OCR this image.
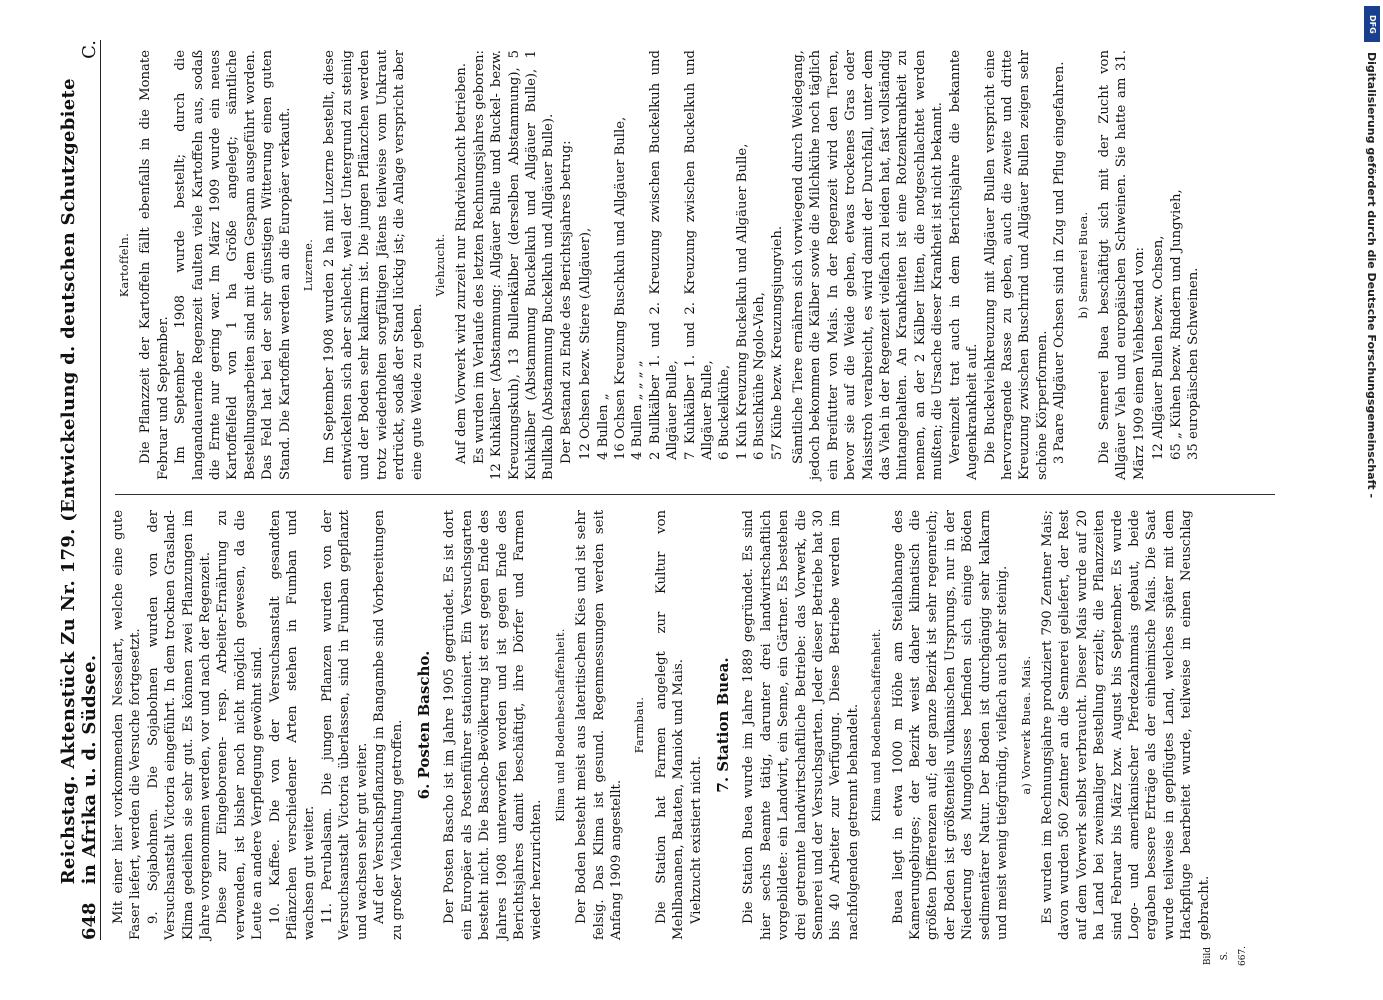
648
Reichstag. Aktenstück Zu Nr. 179. (Entwickelung d. deutschen Schutzgebiete in Afrika u. d. Südsee.
C.

Mit einer hier vorkommenden Nesselart, welche eine gute Faser liefert, werden die Versuche fortgesetzt. 9. Sojabohnen. Die Sojabohnen wurden von der Versuchsanstalt Victoria eingeführt. In dem trocknen Grasland-Klima gedeihen sie sehr gut. Es können zwei Pflanzungen im Jahre vorgenommen werden, vor und nach der Regenzeit. Diese zur Eingeborenen- resp. Arbeiter-Ernährung zu verwenden, ist bisher noch nicht möglich gewesen, da die Leute an andere Verpflegung gewöhnt sind. 10. Kaffee. Die von der Versuchsanstalt gesandten Pflänzchen verschiedener Arten stehen in Fumban und wachsen gut weiter. 11. Perubalsam. Die jungen Pflanzen wurden von der Versuchsanstalt Victoria überlassen, sind in Fumban gepflanzt und wachsen sehr gut weiter. Auf der Versuchspflanzung in Bangambe sind Vorbereitungen zu großer Viehhaltung getroffen. 6. Posten Bascho. Der Posten Bascho ist im Jahre 1905 gegründet. Es ist dort ein Europäer als Postenführer stationiert. Ein Versuchsgarten besteht nicht. Die Bascho-Bevölkerung ist erst gegen Ende des Jahres 1908 unterworfen worden und ist gegen Ende des Berichtsjahres damit beschäftigt, ihre Dörfer und Farmen wieder herzurichten.

Klima und Bodenbeschaffenheit. Der Boden besteht meist aus lateritischem Kies und ist sehr felsig. Das Klima ist gesund. Regenmessungen werden seit Anfang 1909 angestellt.

Farmbau. Die Station hat Farmen angelegt zur Kultur von Mehlbananen, Bataten, Maniok und Mais. Viehzucht existiert nicht.

7. Station Buea. Die Station Buea wurde im Jahre 1889 gegründet. Es sind hier sechs Beamte tätig, darunter drei landwirtschaftlich vorgebildete: ein Landwirt, ein Senne, ein Gärtner. Es bestehen drei getrennte landwirtschaftliche Betriebe: das Vorwerk, die Sennerei und der Versuchsgarten. Jeder dieser Betriebe hat 30 bis 40 Arbeiter zur Verfügung. Diese Betriebe werden im nachfolgenden getrennt behandelt. Klima und Bodenbeschaffenheit. Buea liegt in etwa 1000 m Höhe am Steilabhange des Kamerungebirges; der Bezirk weist daher klimatisch die größten Differenzen auf; der ganze Bezirk ist sehr regenreich; der Boden ist größtenteils vulkanischen Ursprungs, nur in der Niederung des Mungoflusses befinden sich einige Böden sedimentärer Natur. Der Boden ist durchgängig sehr kalkarm und meist wenig tiefgründig, vielfach auch sehr steinig. a) Vorwerk Buea. Mais. Es wurden im Rechnungsjahre produziert 790 Zentner Mais; davon wurden 560 Zentner an die Sennerei geliefert, der Rest auf dem Vorwerk selbst verbraucht. Dieser Mais wurde auf 20 ha Land bei zweimaliger Bestellung erzielt; die Pflanzzeiten sind Februar bis März bzw. August bis September. Es wurde Logo- und amerikanischer Pferdezahnmais gebaut, beide ergaben bessere Erträge als der einheimische Mais. Die Saat wurde teilweise in gepflügtes Land, welches später mit dem Hackpfluge bearbeitet wurde, teilweise in einen Neuschlag gebracht.

Bild S. 667.
Kartoffeln. Die Pflanzzeit der Kartoffeln fällt ebenfalls in die Monate Februar und September. Im September 1908 wurde bestellt; durch die langandauernde Regenzeit faulten viele Kartoffeln aus, sodaß die Ernte nur gering war. Im März 1909 wurde ein neues Kartoffelfeld von 1 ha Größe angelegt; sämtliche Bestellungsarbeiten sind mit dem Gespann ausgeführt worden. Das Feld hat bei der sehr günstigen Witterung einen guten Stand. Die Kartoffeln werden an die Europäer verkauft. Luzerne. Im September 1908 wurden 2 ha mit Luzerne bestellt, diese entwickelten sich aber schlecht, weil der Untergrund zu steinig und der Boden sehr kalkarm ist. Die jungen Pflänzchen werden trotz wiederholten sorgfältigen Jätens teilweise vom Unkraut erdrückt, sodaß der Stand lückig ist; die Anlage verspricht aber eine gute Weide zu geben.

Viehzucht. Auf dem Vorwerk wird zurzeit nur Rindviehzucht betrieben. Es wurden im Verlaufe des letzten Rechnungsjahres geboren: 12 Kuhkälber (Abstammung: Allgäuer Bulle und Buckel- bezw. Kreuzungskuh), 13 Bullenkälber (derselben Abstammung), 5 Kuhkälber (Abstammung Buckelkuh und Allgäuer Bulle), 1 Bullkalb (Abstammung Buckelkuh und Allgäuer Bulle). Der Bestand zu Ende des Berichtsjahres betrug: 12 Ochsen bezw. Stiere (Allgäuer), 4 Bullen „ 16 Ochsen Kreuzung Buschkuh und Allgäuer Bulle, 4 Bullen „ „ „ „ 2 Bullkälber 1. und 2. Kreuzung zwischen Buckelkuh und Allgäuer Bulle, 7 Kuhkälber 1. und 2. Kreuzung zwischen Buckelkuh und Allgäuer Bulle, 6 Buckelkühe, 1 Kuh Kreuzung Buckelkuh und Allgäuer Bulle, 6 Buschkühe Ngolo-Vieh, 57 Kühe bezw. Kreuzungsjungvieh. Sämtliche Tiere ernähren sich vorwiegend durch Weidegang, jedoch bekommen die Kälber sowie die Milchkühe noch täglich ein Breifutter von Mais. In der Regenzeit wird den Tieren, bevor sie auf die Weide gehen, etwas trockenes Gras oder Maisstroh verabreicht, es wird damit der Durchfall, unter dem das Vieh in der Regenzeit vielfach zu leiden hat, fast vollständig hintangehalten. An Krankheiten ist eine Rotzenkrankheit zu nennen, an der 2 Kälber litten, die notgeschlachtet werden mußten; die Ursache dieser Krankheit ist nicht bekannt. Vereinzelt trat auch in dem Berichtsjahre die bekannte Augenkrankheit auf. Die Buckelviehkreuzung mit Allgäuer Bullen verspricht eine hervorragende Rasse zu geben, auch die zweite und dritte Kreuzung zwischen Buschrind und Allgäuer Bullen zeigen sehr schöne Körperformen. 3 Paare Allgäuer Ochsen sind in Zug und Pflug eingefahren. b) Sennerei Buea. Die Sennerei Buea beschäftigt sich mit der Zucht von Allgäuer Vieh und europäischen Schweinen. Sie hatte am 31. März 1909 einen Viehbestand von: 12 Allgäuer Bullen bezw. Ochsen, 65 „ Kühen bezw. Rindern und Jungvieh, 35 europäischen Schweinen.
DFG
Digitalisierung gefördert durch die Deutsche Forschungsgemeinschaft -
